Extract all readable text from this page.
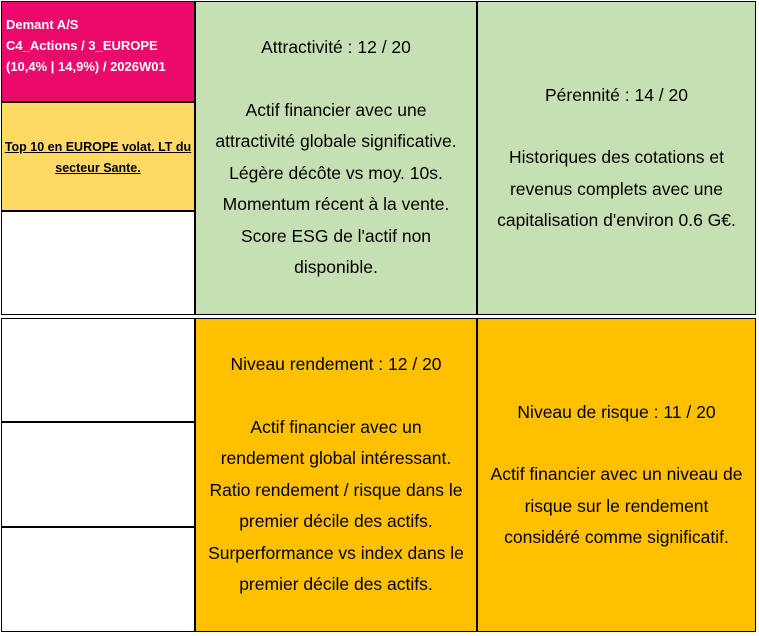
Demant A/S
C4_Actions / 3_EUROPE
(10,4% | 14,9%) / 2026W01
Top 10 en EUROPE volat. LT du secteur Sante.
Attractivité : 12 / 20
Actif financier avec une
attractivité globale significative.
Légère décôte vs moy. 10s.
Momentum récent à la vente.
Score ESG de l'actif non
disponible.
Pérennité : 14 / 20
Historiques des cotations et
revenus complets avec une
capitalisation d'environ 0.6 G€.
Niveau rendement : 12 / 20
Actif financier avec un
rendement global intéressant.
Ratio rendement / risque dans le
premier décile des actifs.
Surperformance vs index dans le
premier décile des actifs.
Niveau de risque : 11 / 20
Actif financier avec un niveau de
risque sur le rendement
considéré comme significatif.
